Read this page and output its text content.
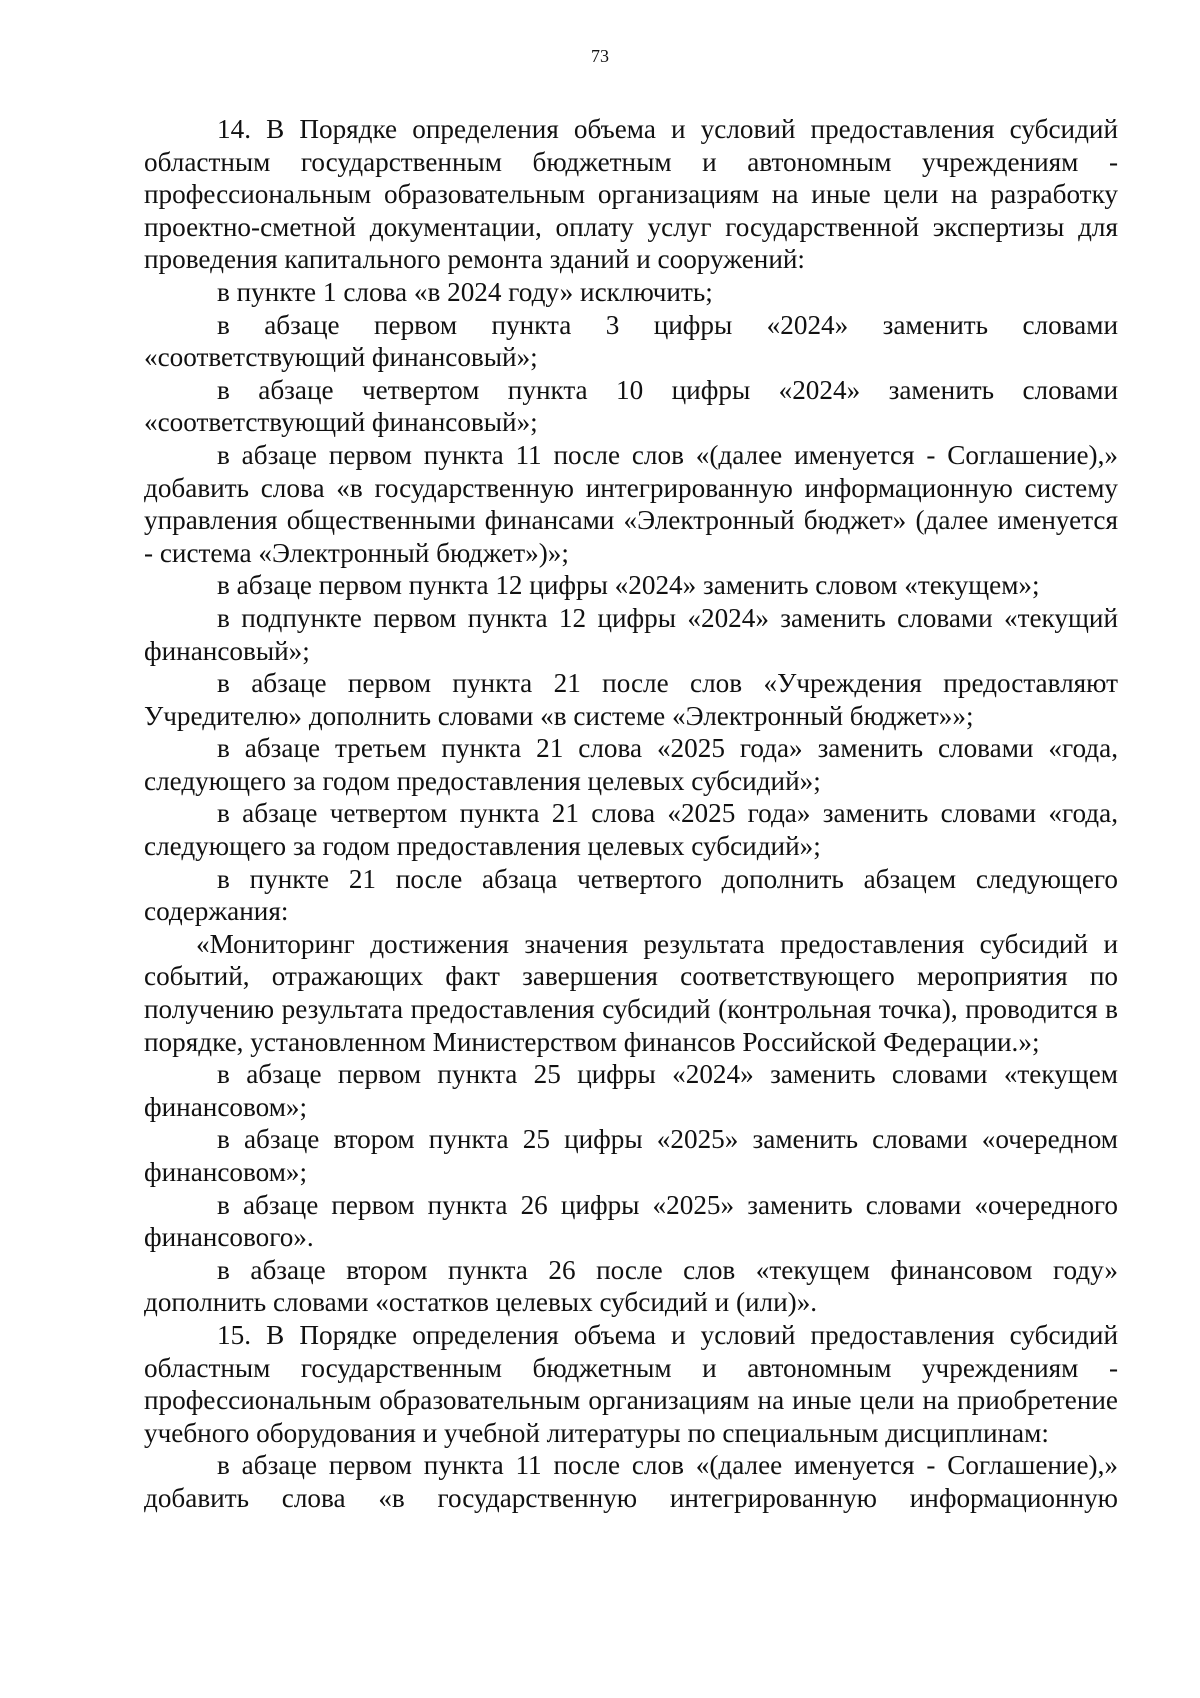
73

14. В Порядке определения объема и условий предоставления субсидий областным государственным бюджетным и автономным учреждениям - профессиональным образовательным организациям на иные цели на разработку проектно-сметной документации, оплату услуг государственной экспертизы для проведения капитального ремонта зданий и сооружений:

в пункте 1 слова «в 2024 году» исключить;

в абзаце первом пункта 3 цифры «2024» заменить словами «соответствующий финансовый»;

в абзаце четвертом пункта 10 цифры «2024» заменить словами «соответствующий финансовый»;

в абзаце первом пункта 11 после слов «(далее именуется - Соглашение),» добавить слова «в государственную интегрированную информационную систему управления общественными финансами «Электронный бюджет» (далее именуется - система «Электронный бюджет»)»;

в абзаце первом пункта 12 цифры «2024» заменить словом «текущем»;

в подпункте первом пункта 12 цифры «2024» заменить словами «текущий финансовый»;

в абзаце первом пункта 21 после слов «Учреждения предоставляют Учредителю» дополнить словами «в системе «Электронный бюджет»»;

в абзаце третьем пункта 21 слова «2025 года» заменить словами «года, следующего за годом предоставления целевых субсидий»;

в абзаце четвертом пункта 21 слова «2025 года» заменить словами «года, следующего за годом предоставления целевых субсидий»;

в пункте 21 после абзаца четвертого дополнить абзацем следующего содержания:

«Мониторинг достижения значения результата предоставления субсидий и событий, отражающих факт завершения соответствующего мероприятия по получению результата предоставления субсидий (контрольная точка), проводится в порядке, установленном Министерством финансов Российской Федерации.»;

в абзаце первом пункта 25 цифры «2024» заменить словами «текущем финансовом»;

в абзаце втором пункта 25 цифры «2025» заменить словами «очередном финансовом»;

в абзаце первом пункта 26 цифры «2025» заменить словами «очередного финансового».

в абзаце втором пункта 26 после слов «текущем финансовом году» дополнить словами «остатков целевых субсидий и (или)».

15. В Порядке определения объема и условий предоставления субсидий областным государственным бюджетным и автономным учреждениям - профессиональным образовательным организациям на иные цели на приобретение учебного оборудования и учебной литературы по специальным дисциплинам:

в абзаце первом пункта 11 после слов «(далее именуется - Соглашение),» добавить слова «в государственную интегрированную информационную
